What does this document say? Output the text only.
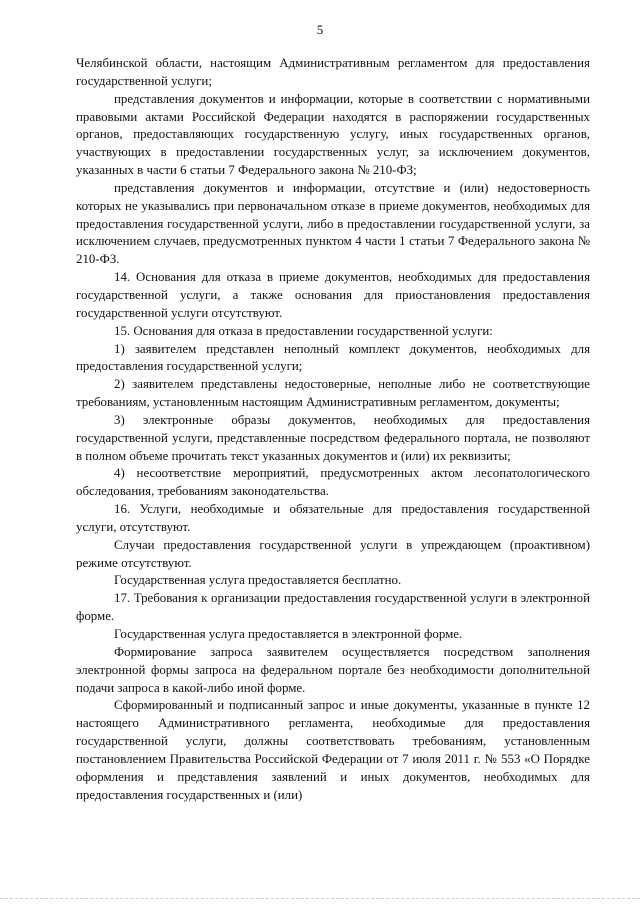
5

Челябинской области, настоящим Административным регламентом для предоставления государственной услуги;

представления документов и информации, которые в соответствии с нормативными правовыми актами Российской Федерации находятся в распоряжении государственных органов, предоставляющих государственную услугу, иных государственных органов, участвующих в предоставлении государственных услуг, за исключением документов, указанных в части 6 статьи 7 Федерального закона № 210-ФЗ;

представления документов и информации, отсутствие и (или) недостоверность которых не указывались при первоначальном отказе в приеме документов, необходимых для предоставления государственной услуги, либо в предоставлении государственной услуги, за исключением случаев, предусмотренных пунктом 4 части 1 статьи 7 Федерального закона № 210-ФЗ.

14. Основания для отказа в приеме документов, необходимых для предоставления государственной услуги, а также основания для приостановления предоставления государственной услуги отсутствуют.

15. Основания для отказа в предоставлении государственной услуги:

1) заявителем представлен неполный комплект документов, необходимых для предоставления государственной услуги;

2) заявителем представлены недостоверные, неполные либо не соответствующие требованиям, установленным настоящим Административным регламентом, документы;

3) электронные образы документов, необходимых для предоставления государственной услуги, представленные посредством федерального портала, не позволяют в полном объеме прочитать текст указанных документов и (или) их реквизиты;

4) несоответствие мероприятий, предусмотренных актом лесопатологического обследования, требованиям законодательства.

16. Услуги, необходимые и обязательные для предоставления государственной услуги, отсутствуют.

Случаи предоставления государственной услуги в упреждающем (проактивном) режиме отсутствуют.

Государственная услуга предоставляется бесплатно.

17. Требования к организации предоставления государственной услуги в электронной форме.

Государственная услуга предоставляется в электронной форме.

Формирование запроса заявителем осуществляется посредством заполнения электронной формы запроса на федеральном портале без необходимости дополнительной подачи запроса в какой-либо иной форме.

Сформированный и подписанный запрос и иные документы, указанные в пункте 12 настоящего Административного регламента, необходимые для предоставления государственной услуги, должны соответствовать требованиям, установленным постановлением Правительства Российской Федерации от 7 июля 2011 г. № 553 «О Порядке оформления и представления заявлений и иных документов, необходимых для предоставления государственных и (или)
